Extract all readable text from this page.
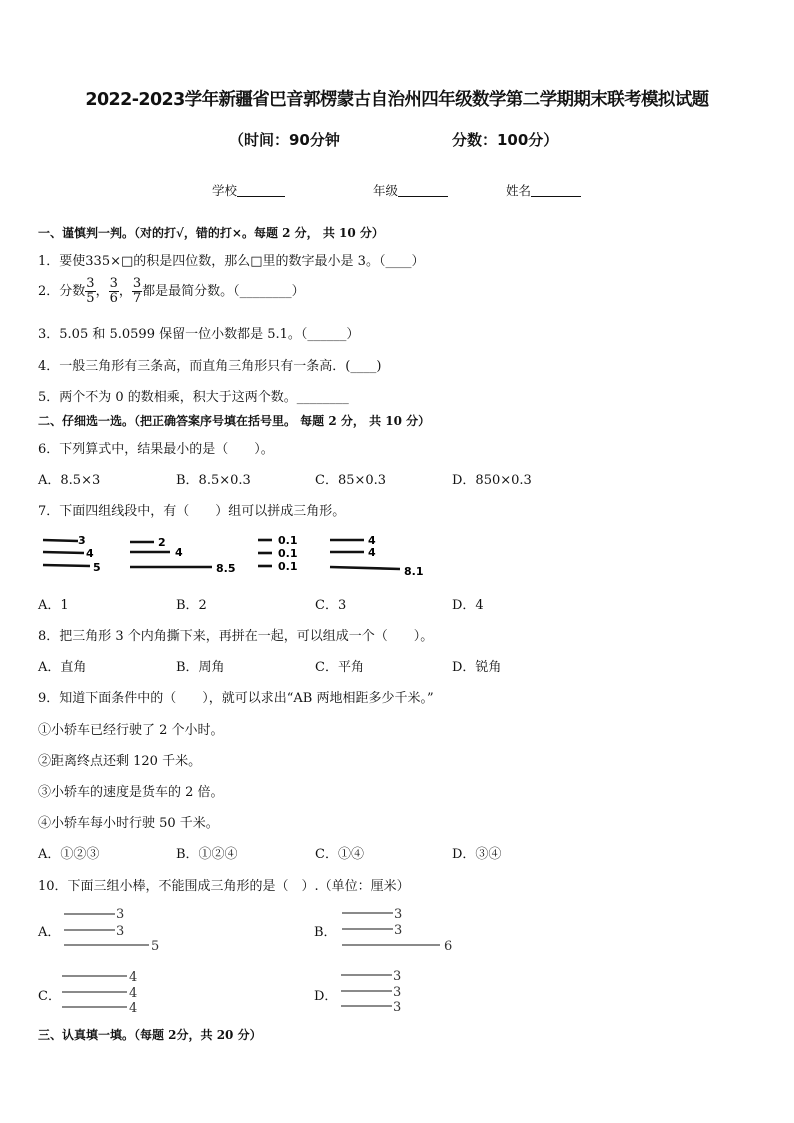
2022-2023学年新疆省巴音郭楞蒙古自治州四年级数学第二学期期末联考模拟试题
（时间：90分钟	分数：100分）
学校	年级	姓名
一、谨慎判一判。（对的打√，错的打×。每题 2 分， 共 10 分）
1．要使335×□的积是四位数，那么□里的数字最小是 3。（____）
2．分数 $\frac{3}{5}$ ， $\frac{3}{6}$ ， $\frac{3}{7}$ 都是最简分数。（________）
3．5.05 和 5.0599 保留一位小数都是 5.1。（______）
4．一般三角形有三条高，而直角三角形只有一条高．(____)
5．两个不为 0 的数相乘，积大于这两个数。________
二、仔细选一选。（把正确答案序号填在括号里。 每题 2 分， 共 10 分）
6．下列算式中，结果最小的是（　　）。
A．8.5×3	B．8.5×0.3	C．85×0.3	D．850×0.3
7．下面四组线段中，有（　　）组可以拼成三角形。
3
4
5
2
4
8.5
0.1
0.1
0.1
4
4
8.1
A．1	B．2	C．3	D．4
8．把三角形 3 个内角撕下来，再拼在一起，可以组成一个（　　）。
A．直角	B．周角	C．平角	D．锐角
9．知道下面条件中的（　　），就可以求出“AB 两地相距多少千米。”
①小轿车已经行驶了 2 个小时。
②距离终点还剩 120 千米。
③小轿车的速度是货车的 2 倍。
④小轿车每小时行驶 50 千米。
A．①②③	B．①②④	C．①④	D．③④
10．下面三组小棒，不能围成三角形的是（　）.（单位：厘米）
A．
3
3
5
B．
3
3
6
C．
4
4
4
D．
3
3
3
三、认真填一填。（每题 2分，共 20 分）
